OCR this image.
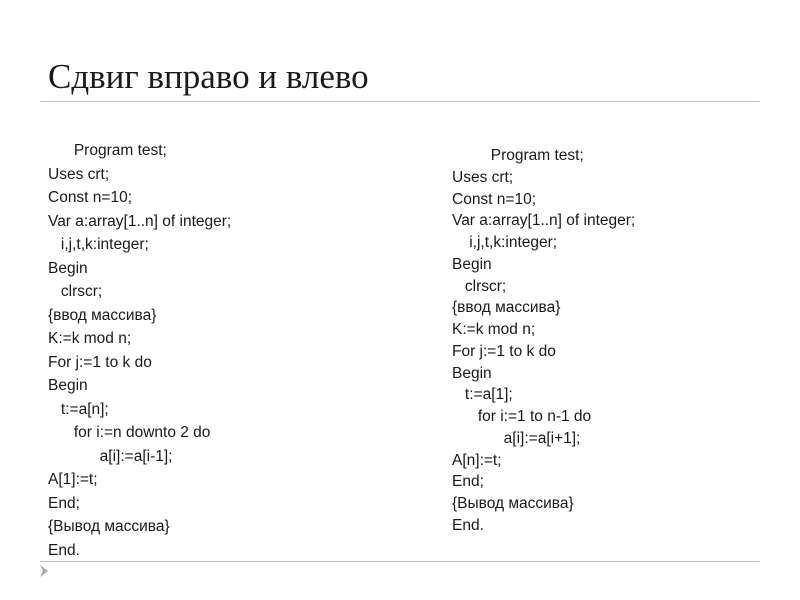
Сдвиг вправо и влево
Program test;
Uses crt;
Const n=10;
Var a:array[1..n] of integer;
i,j,t,k:integer;
Begin
clrscr;
{ввод массива}
K:=k mod n;
For j:=1 to k do
Begin
t:=a[n];
for i:=n downto 2 do
a[i]:=a[i-1];
A[1]:=t;
End;
{Вывод массива}
End.
Program test;
Uses crt;
Const n=10;
Var a:array[1..n] of integer;
i,j,t,k:integer;
Begin
clrscr;
{ввод массива}
K:=k mod n;
For j:=1 to k do
Begin
t:=a[1];
for i:=1 to n-1 do
a[i]:=a[i+1];
A[n]:=t;
End;
{Вывод массива}
End.
